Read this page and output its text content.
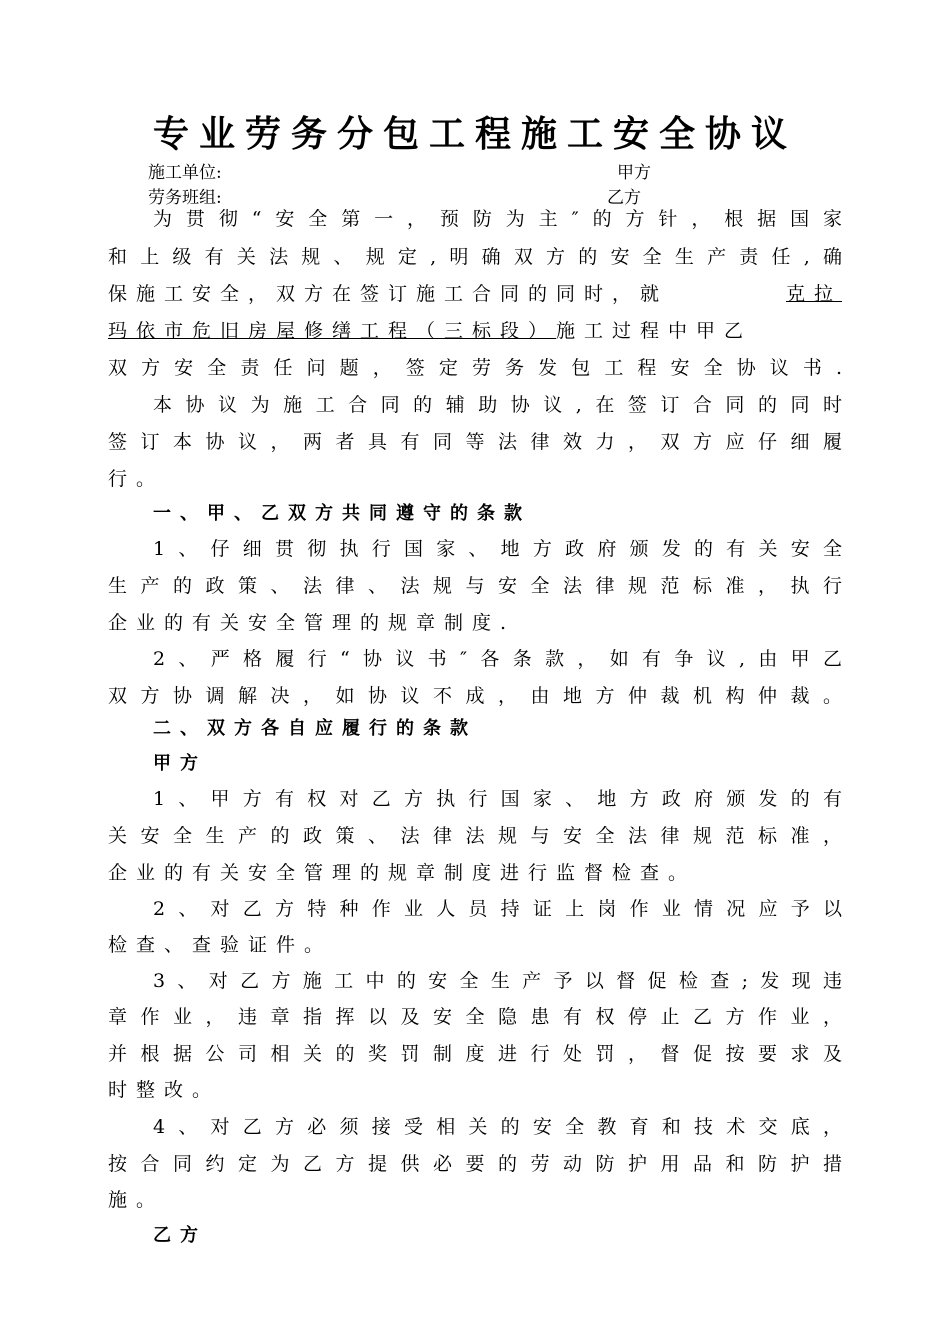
专业劳务分包工程施工安全协议
施工单位:	甲方
劳务班组:	乙方
为贯彻“安全第一，预防为主″的方针，根据国家
和上级有关法规、规定,明确双方的安全生产责任,确
保施工安全，双方在签订施工合同的同时，就	克拉
玛依市危旧房屋修缮工程（三标段）施工过程中甲乙
双方安全责任问题，签定劳务发包工程安全协议书.
本协议为施工合同的辅助协议,在签订合同的同时
签订本协议，两者具有同等法律效力，双方应仔细履
行。
一、甲、乙双方共同遵守的条款
1、仔细贯彻执行国家、地方政府颁发的有关安全
生产的政策、法律、法规与安全法律规范标准，执行
企业的有关安全管理的规章制度.
2、严格履行“协议书″各条款，如有争议,由甲乙
双方协调解决，如协议不成，由地方仲裁机构仲裁。
二、双方各自应履行的条款
甲方
1、甲方有权对乙方执行国家、地方政府颁发的有
关安全生产的政策、法律法规与安全法律规范标准，
企业的有关安全管理的规章制度进行监督检查。
2、对乙方特种作业人员持证上岗作业情况应予以
检查、查验证件。
3、对乙方施工中的安全生产予以督促检查;发现违
章作业，违章指挥以及安全隐患有权停止乙方作业，
并根据公司相关的奖罚制度进行处罚，督促按要求及
时整改。
4、对乙方必须接受相关的安全教育和技术交底，
按合同约定为乙方提供必要的劳动防护用品和防护措
施。
乙方
